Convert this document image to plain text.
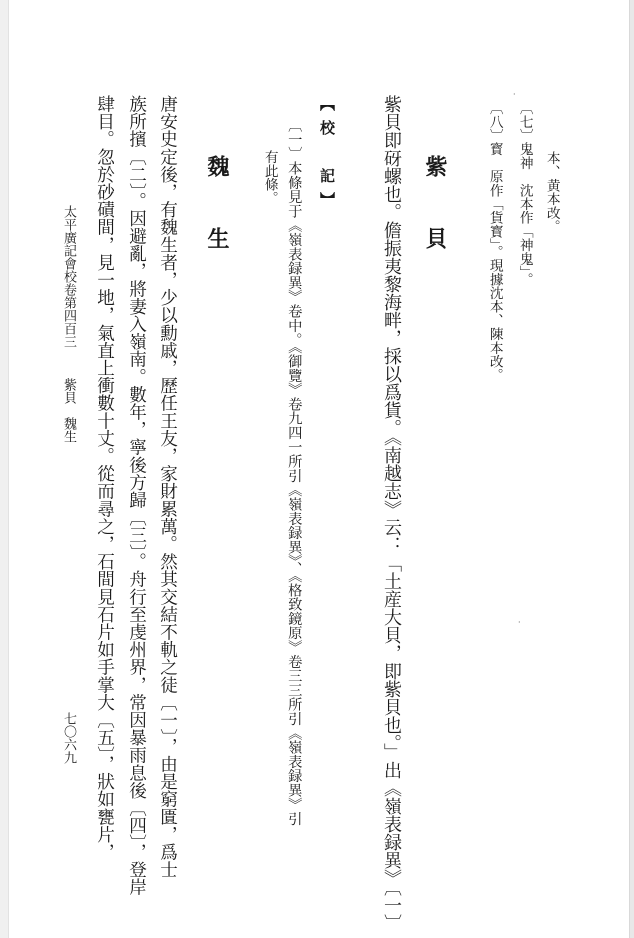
本、黄本改。
〔七〕鬼神　沈本作「神鬼」。
〔八〕寳　原作「貨寳」。現據沈本、陳本改。
紫　貝
紫貝即砑螺也。儋振夷黎海畔，採以爲貨。《南越志》云：「土産大貝，即紫貝也。」出《嶺表録異》〔一〕
【校　記】
〔一〕本條見于《嶺表録異》卷中。《御覽》卷九四一所引《嶺表録異》、《格致鏡原》卷三三所引《嶺表録異》引
有此條。
魏　生
唐安史定後，有魏生者，少以勳戚，歷任王友，家財累萬。然其交結不軌之徒〔一〕，由是窮匱，爲士
族所擯〔二〕。因避亂，將妻入嶺南。數年，寧後方歸〔三〕。舟行至虔州界，常因暴雨息後〔四〕，登岸
肆目。忽於砂磧間，見一地，氣直上衝數十丈。從而尋之，石間見石片如手掌大〔五〕，狀如甕片，
太平廣記會校卷第四百三紫貝　魏生
七〇六九
·
·
